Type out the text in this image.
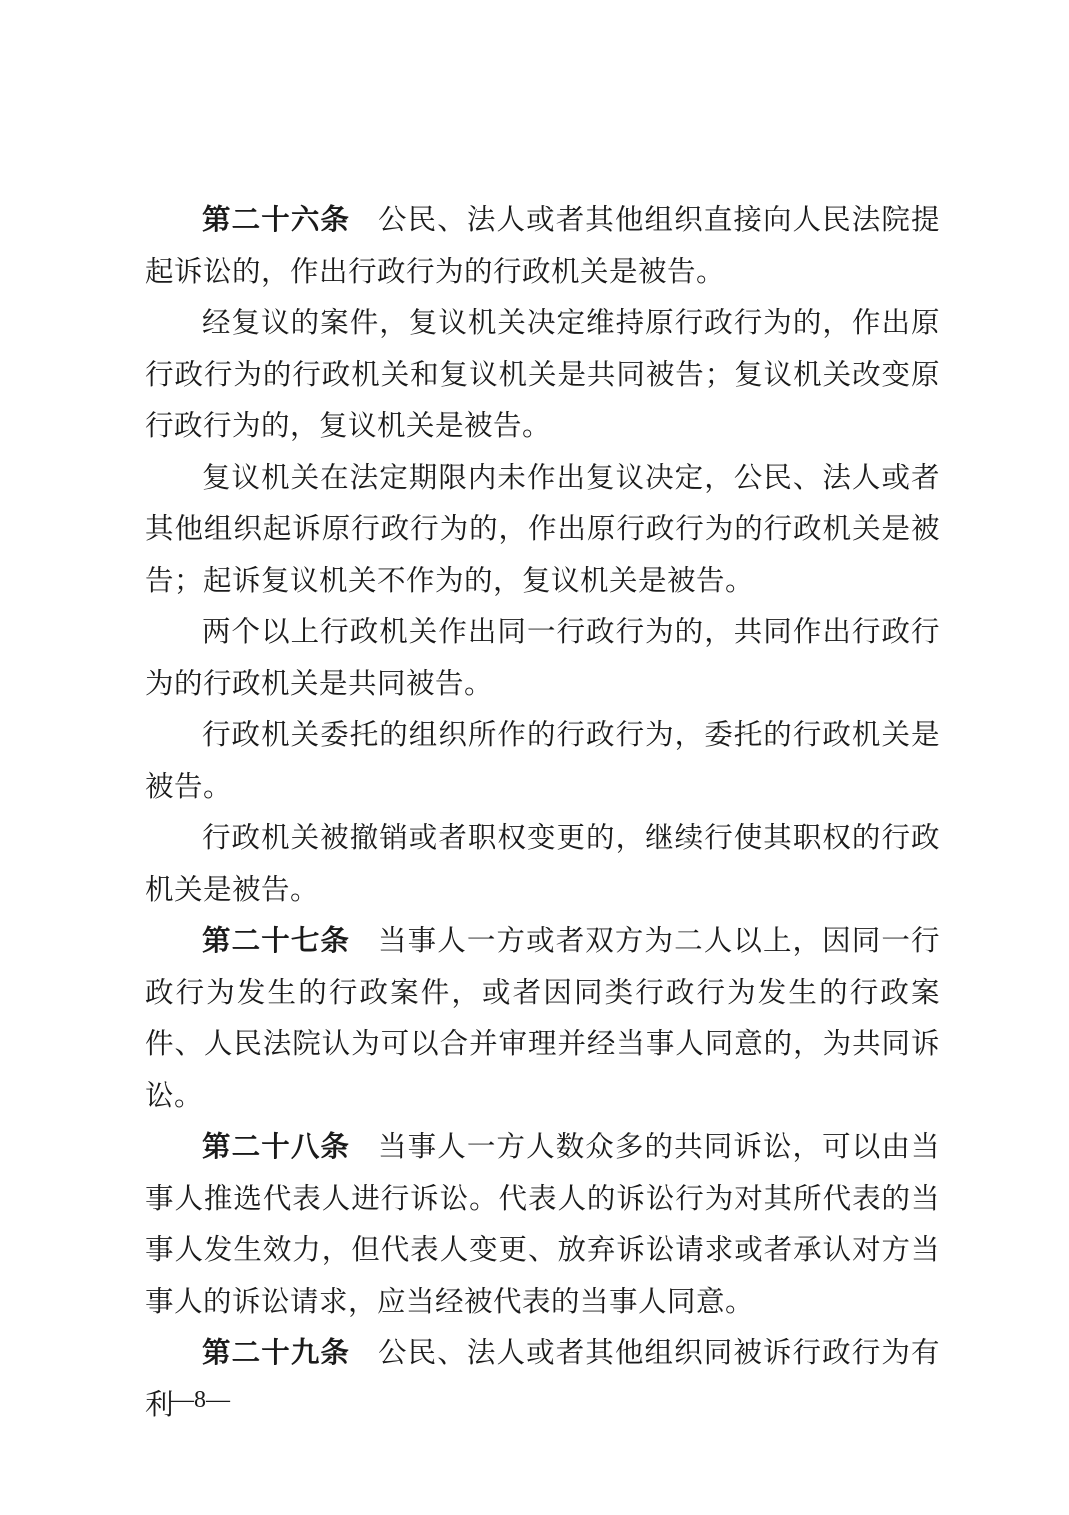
第二十六条 公民、法人或者其他组织直接向人民法院提起诉讼的，作出行政行为的行政机关是被告。

经复议的案件，复议机关决定维持原行政行为的，作出原行政行为的行政机关和复议机关是共同被告；复议机关改变原行政行为的，复议机关是被告。

复议机关在法定期限内未作出复议决定，公民、法人或者其他组织起诉原行政行为的，作出原行政行为的行政机关是被告；起诉复议机关不作为的，复议机关是被告。

两个以上行政机关作出同一行政行为的，共同作出行政行为的行政机关是共同被告。

行政机关委托的组织所作的行政行为，委托的行政机关是被告。

行政机关被撤销或者职权变更的，继续行使其职权的行政机关是被告。

第二十七条 当事人一方或者双方为二人以上，因同一行政行为发生的行政案件，或者因同类行政行为发生的行政案件、人民法院认为可以合并审理并经当事人同意的，为共同诉讼。

第二十八条 当事人一方人数众多的共同诉讼，可以由当事人推选代表人进行诉讼。代表人的诉讼行为对其所代表的当事人发生效力，但代表人变更、放弃诉讼请求或者承认对方当事人的诉讼请求，应当经被代表的当事人同意。

第二十九条 公民、法人或者其他组织同被诉行政行为有利

—8—
